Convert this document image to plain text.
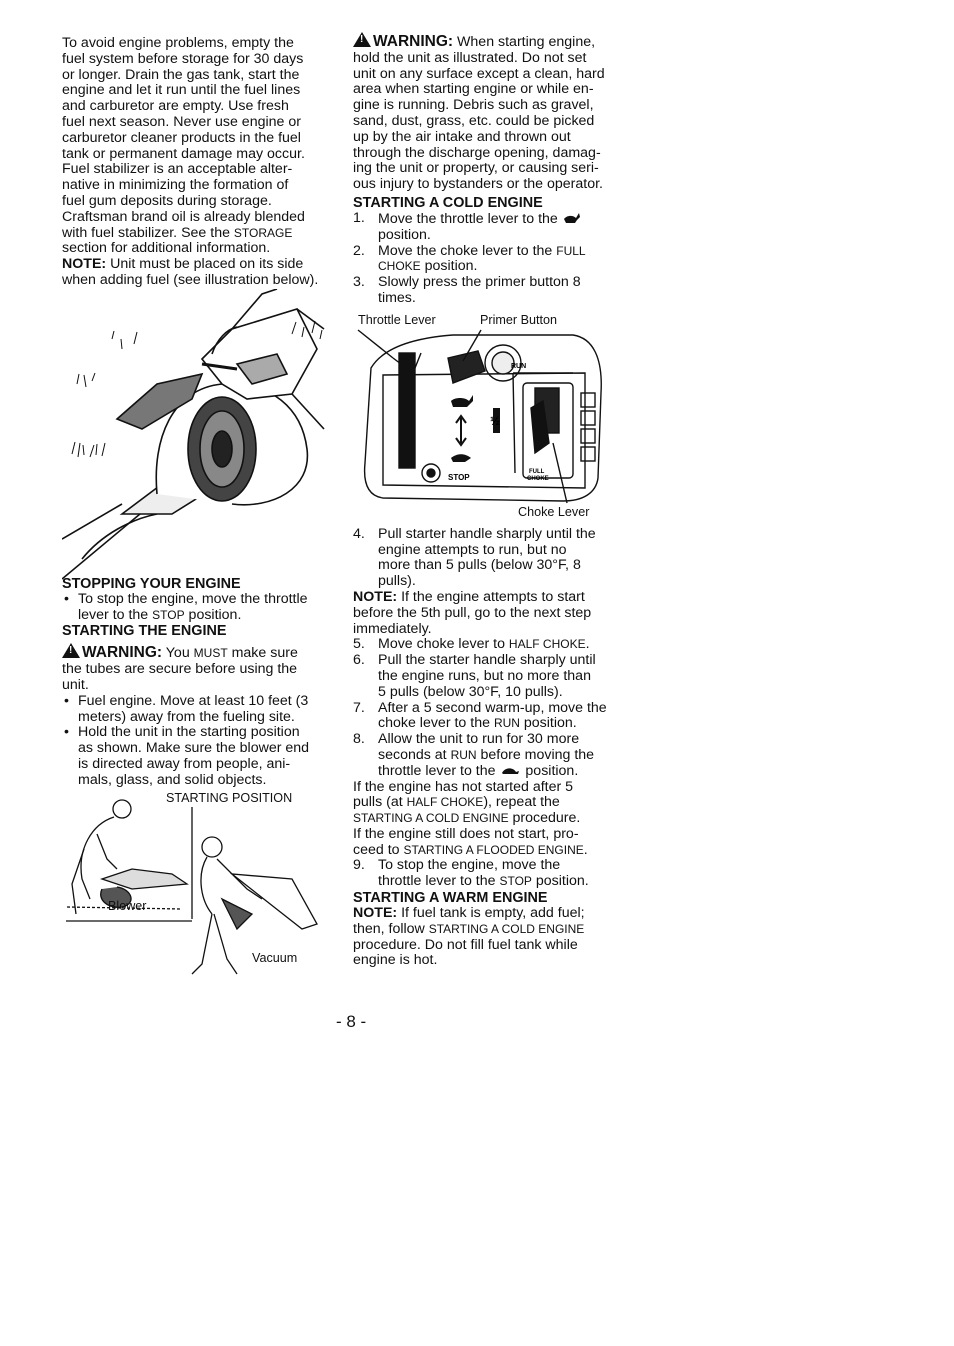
To avoid engine problems, empty the
fuel system before storage for 30 days
or longer. Drain the gas tank, start the
engine and let it run until the fuel lines
and carburetor are empty. Use fresh
fuel next season. Never use engine or
carburetor cleaner products in the fuel
tank or permanent damage may occur.
Fuel stabilizer is an acceptable alter-
native in minimizing the formation of
fuel gum deposits during storage.
Craftsman brand oil is already blended
with fuel stabilizer. See the STORAGE
section for additional information.
NOTE: Unit must be placed on its side
when adding fuel (see illustration below).

STOPPING YOUR ENGINE

• To stop the engine, move the throttle
lever to the STOP position.

STARTING THE ENGINE

!WARNING: You MUST make sure
the tubes are secure before using the
unit.

• Fuel engine. Move at least 10 feet (3
meters) away from the fueling site.
• Hold the unit in the starting position
as shown. Make sure the blower end
is directed away from people, ani-
mals, glass, and solid objects.
STARTING POSITION
Blower
Vacuum

!WARNING: When starting engine,
hold the unit as illustrated. Do not set
unit on any surface except a clean, hard
area when starting engine or while en-
gine is running. Debris such as gravel,
sand, dust, grass, etc. could be picked
up by the air intake and thrown out
through the discharge opening, damag-
ing the unit or property, or causing seri-
ous injury to bystanders or the operator.

STARTING A COLD ENGINE

1. Move the throttle lever to the
position.
2. Move the choke lever to the FULL
CHOKE position.
3. Slowly press the primer button 8
times.
Throttle Lever	Primer Button
RUN
STOP
½
FULL
CHOKE
Choke Lever
4. Pull starter handle sharply until the
engine attempts to run, but no
more than 5 pulls (below 30°F, 8
pulls).

NOTE: If the engine attempts to start
before the 5th pull, go to the next step
immediately.

5. Move choke lever to HALF CHOKE.
6. Pull the starter handle sharply until
the engine runs, but no more than
5 pulls (below 30°F, 10 pulls).
7. After a 5 second warm-up, move the
choke lever to the RUN position.
8. Allow the unit to run for 30 more
seconds at RUN before moving the
throttle lever to the position.

If the engine has not started after 5
pulls (at HALF CHOKE), repeat the
STARTING A COLD ENGINE procedure.
If the engine still does not start, pro-
ceed to STARTING A FLOODED ENGINE.

9. To stop the engine, move the
throttle lever to the STOP position.

STARTING A WARM ENGINE

NOTE: If fuel tank is empty, add fuel;
then, follow STARTING A COLD ENGINE
procedure. Do not fill fuel tank while
engine is hot.

- 8 -
